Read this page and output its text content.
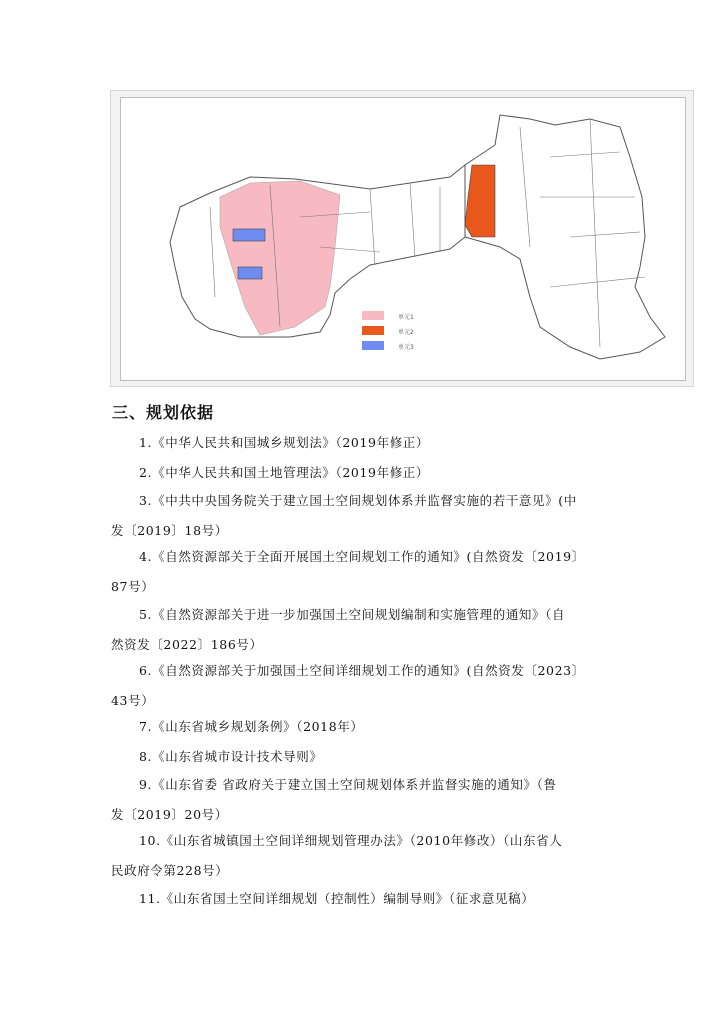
单元1
单元2
单元3
三、规划依据
1.《中华人民共和国城乡规划法》（2019年修正）
2.《中华人民共和国土地管理法》（2019年修正）
3.《中共中央国务院关于建立国土空间规划体系并监督实施的若干意见》(中
发〔2019〕18号）
4.《自然资源部关于全面开展国土空间规划工作的通知》(自然资发〔2019〕
87号）
5.《自然资源部关于进一步加强国土空间规划编制和实施管理的通知》（自
然资发〔2022〕186号）
6.《自然资源部关于加强国土空间详细规划工作的通知》(自然资发〔2023〕
43号）
7.《山东省城乡规划条例》（2018年）
8.《山东省城市设计技术导则》
9.《山东省委 省政府关于建立国土空间规划体系并监督实施的通知》（鲁
发〔2019〕20号）
10.《山东省城镇国土空间详细规划管理办法》（2010年修改）（山东省人
民政府令第228号）
11.《山东省国土空间详细规划（控制性）编制导则》（征求意见稿）
